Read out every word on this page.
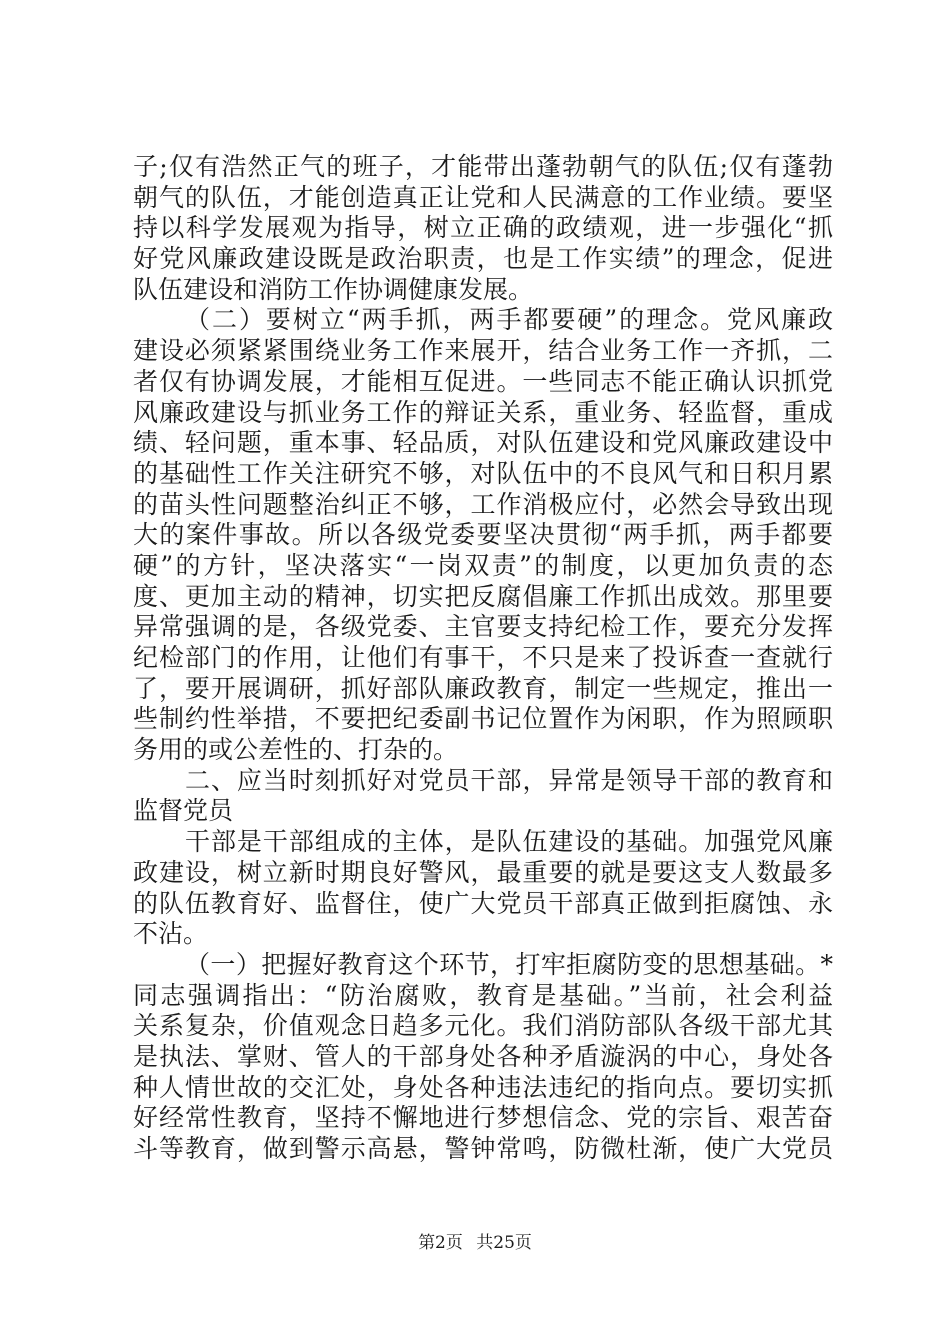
子;仅有浩然正气的班子，才能带出蓬勃朝气的队伍;仅有蓬勃
朝气的队伍，才能创造真正让党和人民满意的工作业绩。要坚
持以科学发展观为指导，树立正确的政绩观，进一步强化“抓
好党风廉政建设既是政治职责，也是工作实绩”的理念，促进
队伍建设和消防工作协调健康发展。
（二）要树立“两手抓，两手都要硬”的理念。党风廉政
建设必须紧紧围绕业务工作来展开，结合业务工作一齐抓，二
者仅有协调发展，才能相互促进。一些同志不能正确认识抓党
风廉政建设与抓业务工作的辩证关系，重业务、轻监督，重成
绩、轻问题，重本事、轻品质，对队伍建设和党风廉政建设中
的基础性工作关注研究不够，对队伍中的不良风气和日积月累
的苗头性问题整治纠正不够，工作消极应付，必然会导致出现
大的案件事故。所以各级党委要坚决贯彻“两手抓，两手都要
硬”的方针，坚决落实“一岗双责”的制度，以更加负责的态
度、更加主动的精神，切实把反腐倡廉工作抓出成效。那里要
异常强调的是，各级党委、主官要支持纪检工作，要充分发挥
纪检部门的作用，让他们有事干，不只是来了投诉查一查就行
了，要开展调研，抓好部队廉政教育，制定一些规定，推出一
些制约性举措，不要把纪委副书记位置作为闲职，作为照顾职
务用的或公差性的、打杂的。
二、应当时刻抓好对党员干部，异常是领导干部的教育和
监督党员
干部是干部组成的主体，是队伍建设的基础。加强党风廉
政建设，树立新时期良好警风，最重要的就是要这支人数最多
的队伍教育好、监督住，使广大党员干部真正做到拒腐蚀、永
不沾。
（一）把握好教育这个环节，打牢拒腐防变的思想基础。*
同志强调指出：“防治腐败，教育是基础。”当前，社会利益
关系复杂，价值观念日趋多元化。我们消防部队各级干部尤其
是执法、掌财、管人的干部身处各种矛盾漩涡的中心，身处各
种人情世故的交汇处，身处各种违法违纪的指向点。要切实抓
好经常性教育，坚持不懈地进行梦想信念、党的宗旨、艰苦奋
斗等教育，做到警示高悬，警钟常鸣，防微杜渐，使广大党员
第2页 共25页
